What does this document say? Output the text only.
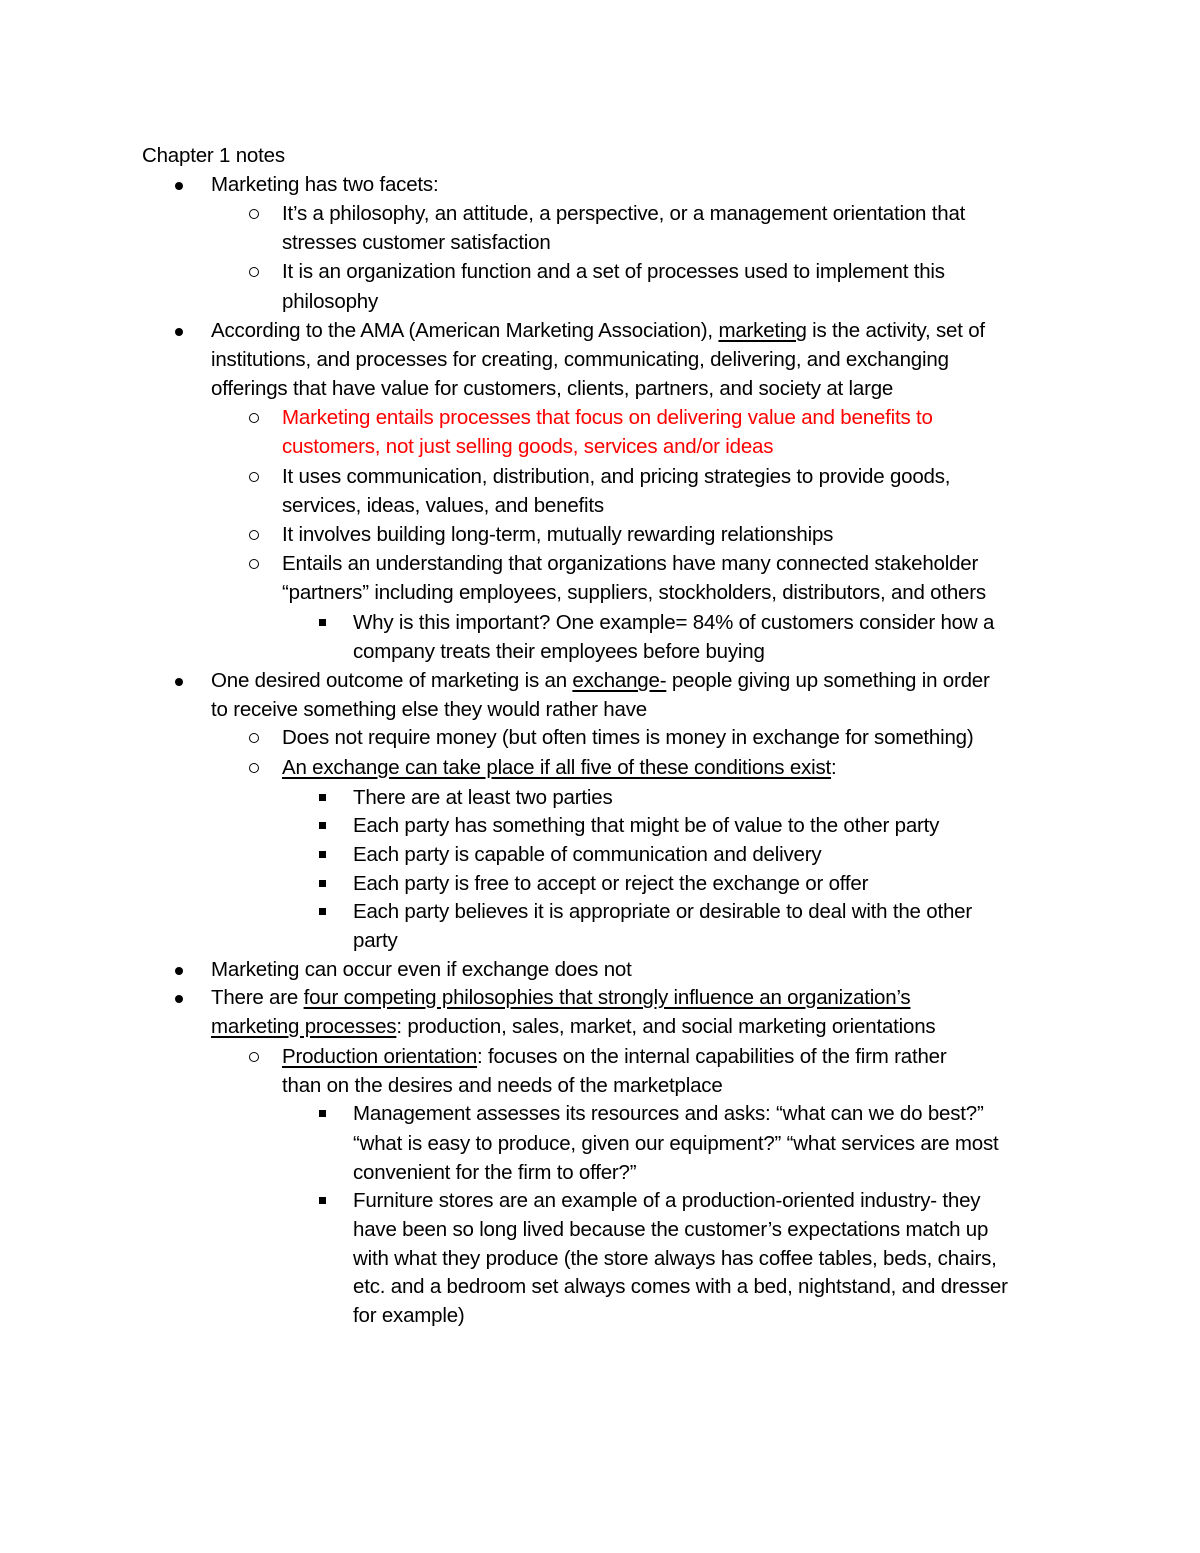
Chapter 1 notes
Marketing has two facets:
It’s a philosophy, an attitude, a perspective, or a management orientation that
stresses customer satisfaction
It is an organization function and a set of processes used to implement this
philosophy
According to the AMA (American Marketing Association), marketing is the activity, set of
institutions, and processes for creating, communicating, delivering, and exchanging
offerings that have value for customers, clients, partners, and society at large
Marketing entails processes that focus on delivering value and benefits to
customers, not just selling goods, services and/or ideas
It uses communication, distribution, and pricing strategies to provide goods,
services, ideas, values, and benefits
It involves building long-term, mutually rewarding relationships
Entails an understanding that organizations have many connected stakeholder
“partners” including employees, suppliers, stockholders, distributors, and others
Why is this important? One example= 84% of customers consider how a
company treats their employees before buying
One desired outcome of marketing is an exchange- people giving up something in order
to receive something else they would rather have
Does not require money (but often times is money in exchange for something)
An exchange can take place if all five of these conditions exist:
There are at least two parties
Each party has something that might be of value to the other party
Each party is capable of communication and delivery
Each party is free to accept or reject the exchange or offer
Each party believes it is appropriate or desirable to deal with the other
party
Marketing can occur even if exchange does not
There are four competing philosophies that strongly influence an organization’s
marketing processes: production, sales, market, and social marketing orientations
Production orientation: focuses on the internal capabilities of the firm rather
than on the desires and needs of the marketplace
Management assesses its resources and asks: “what can we do best?”
“what is easy to produce, given our equipment?” “what services are most
convenient for the firm to offer?”
Furniture stores are an example of a production-oriented industry- they
have been so long lived because the customer’s expectations match up
with what they produce (the store always has coffee tables, beds, chairs,
etc. and a bedroom set always comes with a bed, nightstand, and dresser
for example)
